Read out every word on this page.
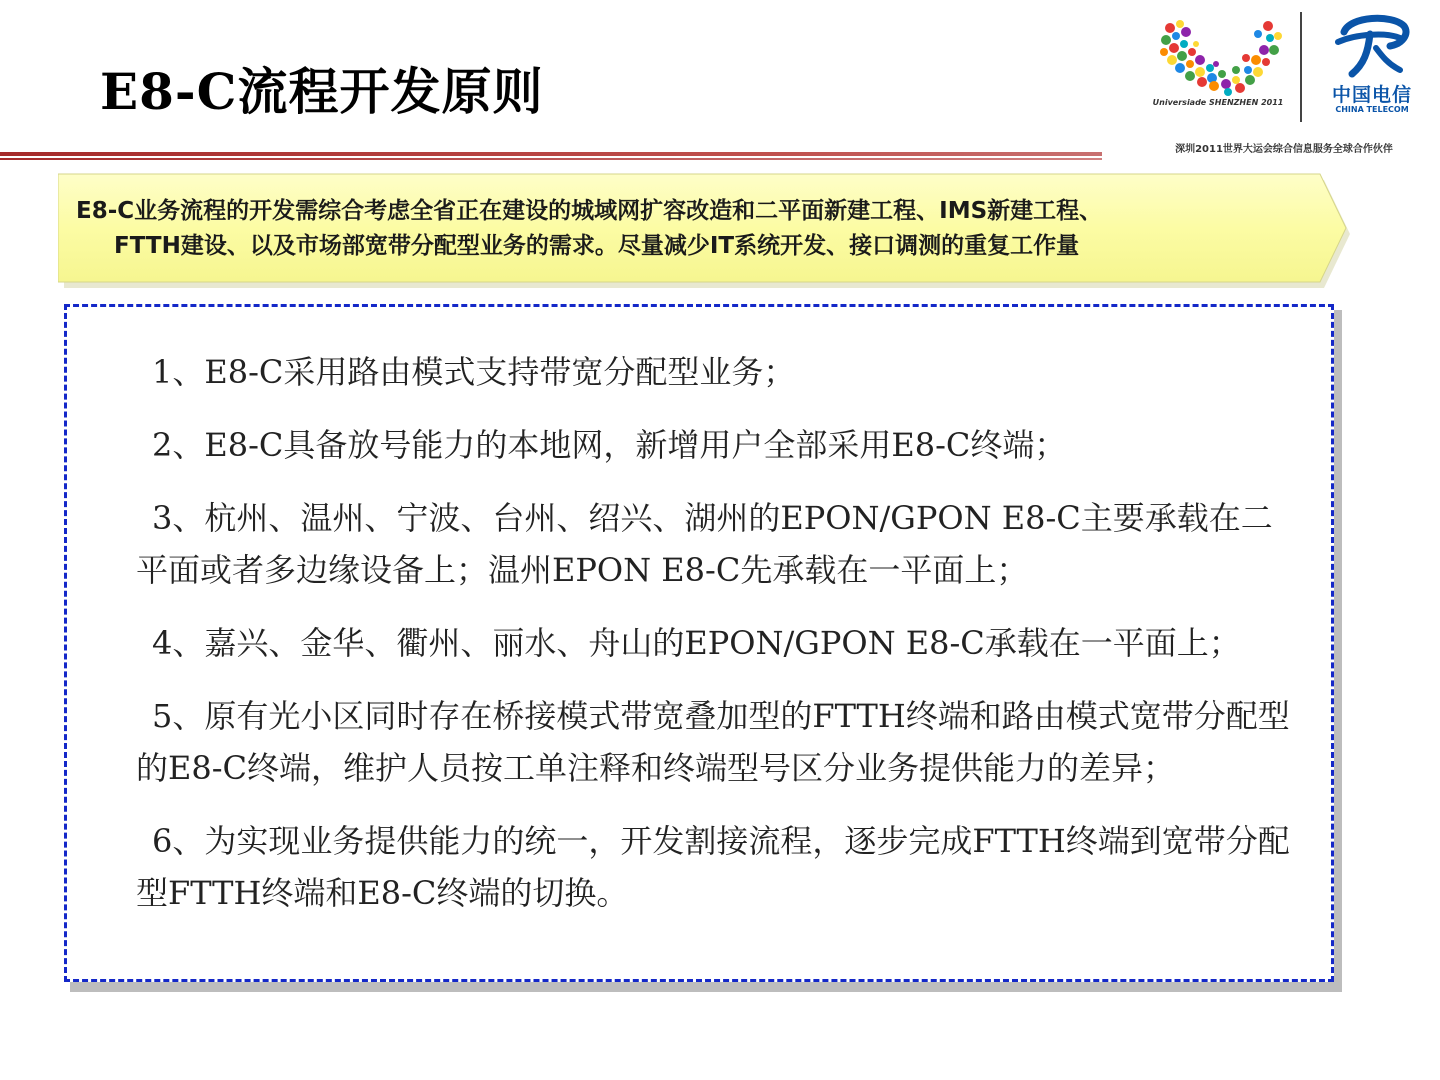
E8-C流程开发原则	Universiade SHENZHEN 2011	中国电信
CHINA TELECOM
深圳2011世界大运会综合信息服务全球合作伙伴

E8-C业务流程的开发需综合考虑全省正在建设的城域网扩容改造和二平面新建工程、IMS新建工程、
FTTH建设、以及市场部宽带分配型业务的需求。尽量减少IT系统开发、接口调测的重复工作量

1、E8-C采用路由模式支持带宽分配型业务；
2、E8-C具备放号能力的本地网，新增用户全部采用E8-C终端；
3、杭州、温州、宁波、台州、绍兴、湖州的EPON/GPON E8-C主要承载在二平面或者多边缘设备上；温州EPON E8-C先承载在一平面上；
4、嘉兴、金华、衢州、丽水、舟山的EPON/GPON E8-C承载在一平面上；
5、原有光小区同时存在桥接模式带宽叠加型的FTTH终端和路由模式宽带分配型的E8-C终端，维护人员按工单注释和终端型号区分业务提供能力的差异；
6、为实现业务提供能力的统一，开发割接流程，逐步完成FTTH终端到宽带分配型FTTH终端和E8-C终端的切换。
